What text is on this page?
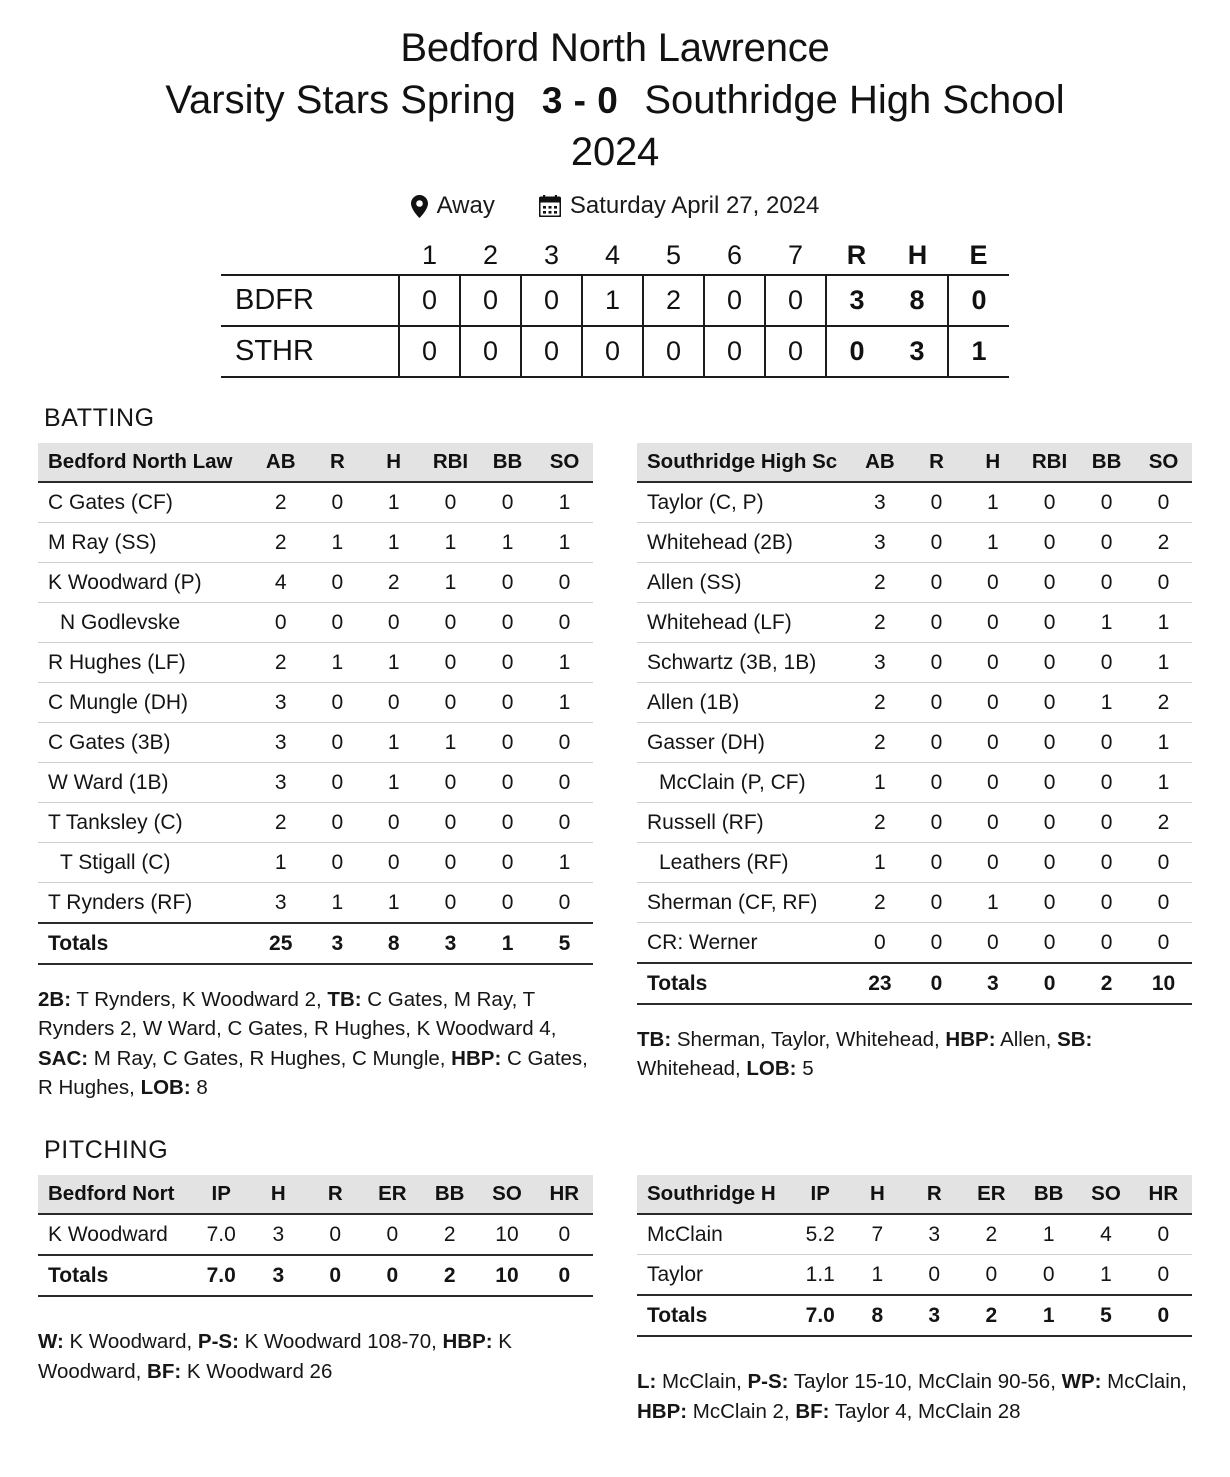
Bedford North Lawrence
Varsity Stars Spring 3 - 0 Southridge High School
2024
Away	Saturday April 27, 2024
	1	2	3	4	5	6	7	R	H	E
BDFR	0	0	0	1	2	0	0	3	8	0
STHR	0	0	0	0	0	0	0	0	3	1
BATTING
Bedford North Law	AB	R	H	RBI	BB	SO
C Gates (CF)	2	0	1	0	0	1
M Ray (SS)	2	1	1	1	1	1
K Woodward (P)	4	0	2	1	0	0
N Godlevske	0	0	0	0	0	0
R Hughes (LF)	2	1	1	0	0	1
C Mungle (DH)	3	0	0	0	0	1
C Gates (3B)	3	0	1	1	0	0
W Ward (1B)	3	0	1	0	0	0
T Tanksley (C)	2	0	0	0	0	0
T Stigall (C)	1	0	0	0	0	1
T Rynders (RF)	3	1	1	0	0	0
Totals	25	3	8	3	1	5
2B: T Rynders, K Woodward 2, TB: C Gates, M Ray, T Rynders 2, W Ward, C Gates, R Hughes, K Woodward 4, SAC: M Ray, C Gates, R Hughes, C Mungle, HBP: C Gates, R Hughes, LOB: 8
Southridge High Sc	AB	R	H	RBI	BB	SO
Taylor (C, P)	3	0	1	0	0	0
Whitehead (2B)	3	0	1	0	0	2
Allen (SS)	2	0	0	0	0	0
Whitehead (LF)	2	0	0	0	1	1
Schwartz (3B, 1B)	3	0	0	0	0	1
Allen (1B)	2	0	0	0	1	2
Gasser (DH)	2	0	0	0	0	1
McClain (P, CF)	1	0	0	0	0	1
Russell (RF)	2	0	0	0	0	2
Leathers (RF)	1	0	0	0	0	0
Sherman (CF, RF)	2	0	1	0	0	0
CR: Werner	0	0	0	0	0	0
Totals	23	0	3	0	2	10
TB: Sherman, Taylor, Whitehead, HBP: Allen, SB: Whitehead, LOB: 5
PITCHING
Bedford Nort	IP	H	R	ER	BB	SO	HR
K Woodward	7.0	3	0	0	2	10	0
Totals	7.0	3	0	0	2	10	0
W: K Woodward, P-S: K Woodward 108-70, HBP: K Woodward, BF: K Woodward 26
Southridge H	IP	H	R	ER	BB	SO	HR
McClain	5.2	7	3	2	1	4	0
Taylor	1.1	1	0	0	0	1	0
Totals	7.0	8	3	2	1	5	0
L: McClain, P-S: Taylor 15-10, McClain 90-56, WP: McClain, HBP: McClain 2, BF: Taylor 4, McClain 28
